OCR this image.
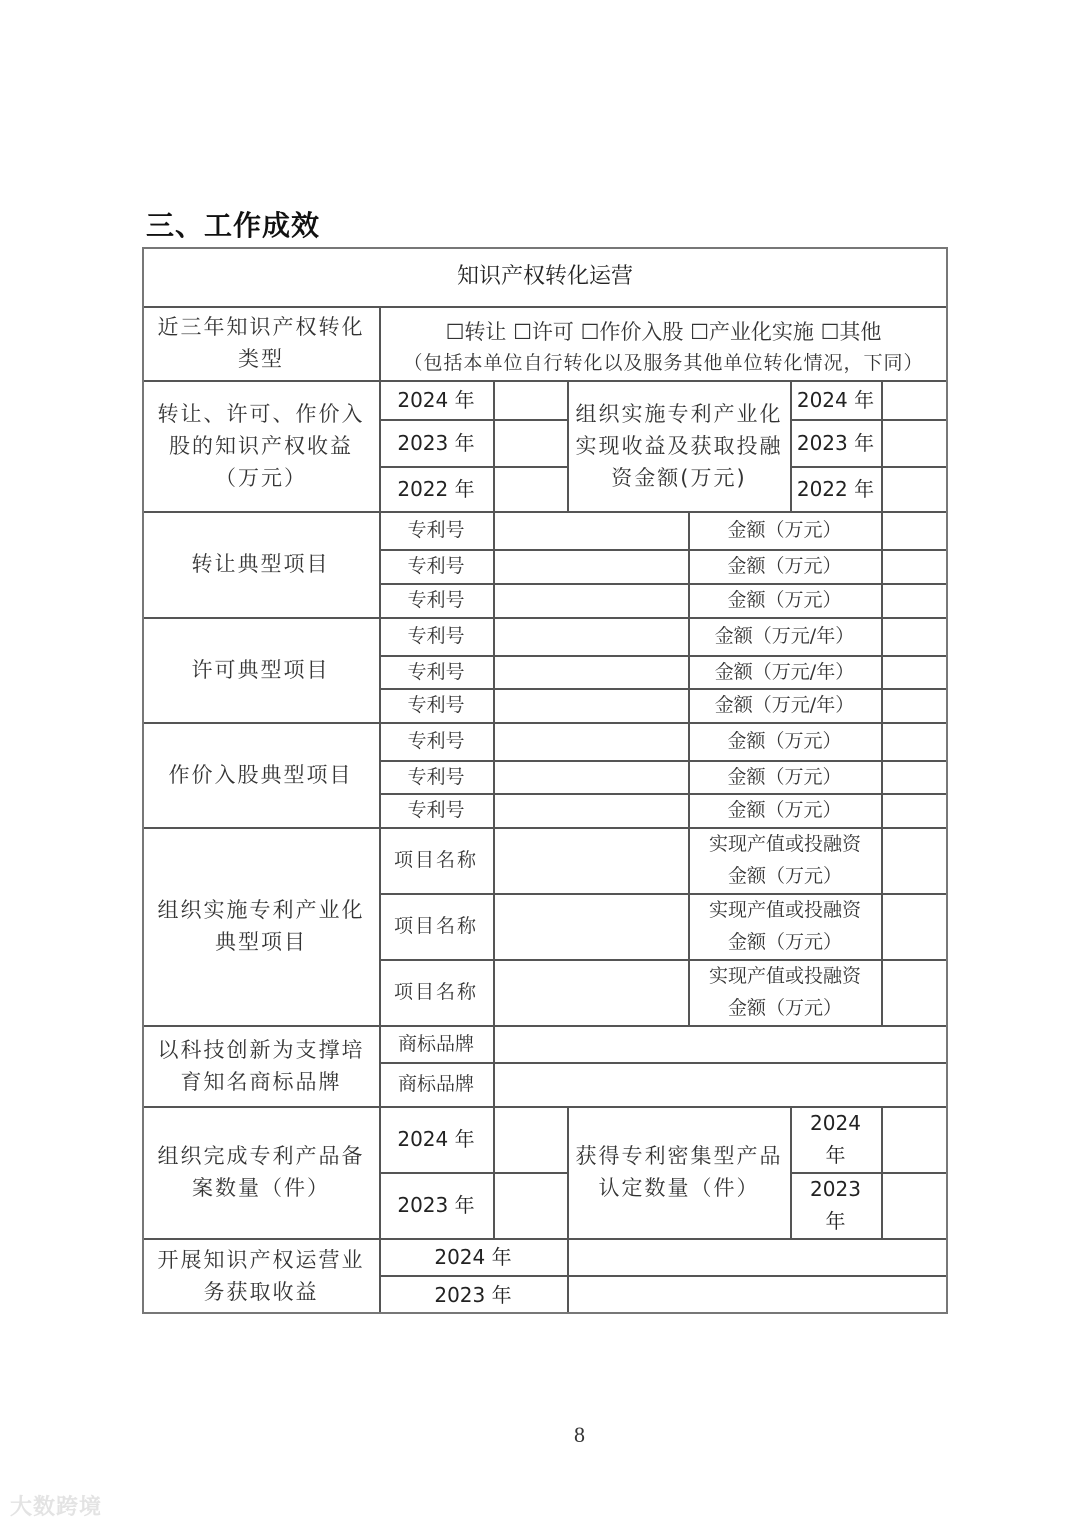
三、工作成效
知识产权转化运营
近三年知识产权转化类型
☐转让 ☐许可 ☐作价入股 ☐产业化实施 ☐其他
（包括本单位自行转化以及服务其他单位转化情况，下同）
转让、许可、作价入股的知识产权收益（万元）
2024 年
2023 年
2022 年
组织实施专利产业化实现收益及获取投融资金额(万元)
2024 年
2023 年
2022 年
转让典型项目
专利号
专利号
专利号
金额（万元）
金额（万元）
金额（万元）
许可典型项目
专利号
专利号
专利号
金额（万元/年）
金额（万元/年）
金额（万元/年）
作价入股典型项目
专利号
专利号
专利号
金额（万元）
金额（万元）
金额（万元）
组织实施专利产业化典型项目
项目名称
项目名称
项目名称
实现产值或投融资金额（万元）
实现产值或投融资金额（万元）
实现产值或投融资金额（万元）
以科技创新为支撑培育知名商标品牌
商标品牌
商标品牌
组织完成专利产品备案数量（件）
2024 年
2023 年
获得专利密集型产品认定数量（件）
2024 年
2023 年
开展知识产权运营业务获取收益
2024 年
2023 年
8
大数跨境
